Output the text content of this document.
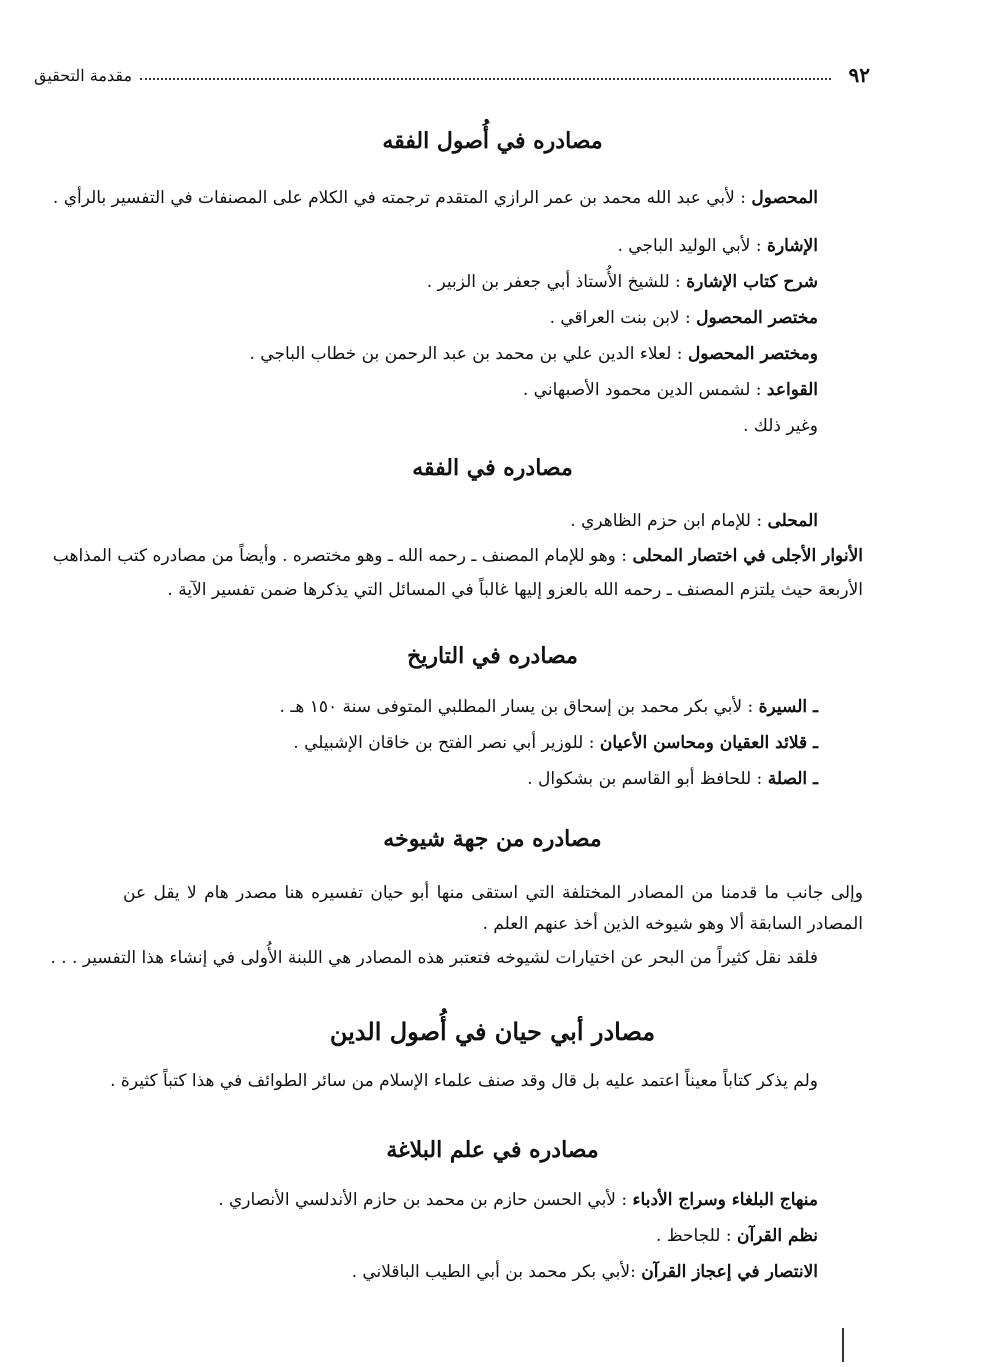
٩٢
مقدمة التحقيق
مصادره في أُصول الفقه
المحصول : لأبي عبد الله محمد بن عمر الرازي المتقدم ترجمته في الكلام على المصنفات في التفسير بالرأي .
الإشارة : لأبي الوليد الباجي .
شرح كتاب الإشارة : للشيخ الأُستاذ أبي جعفر بن الزبير .
مختصر المحصول : لابن بنت العراقي .
ومختصر المحصول : لعلاء الدين علي بن محمد بن عبد الرحمن بن خطاب الباجي .
القواعد : لشمس الدين محمود الأصبهاني .
وغير ذلك .
مصادره في الفقه
المحلى : للإمام ابن حزم الظاهري .
الأنوار الأجلى في اختصار المحلى : وهو للإمام المصنف ـ رحمه الله ـ وهو مختصره . وأيضاً من مصادره كتب المذاهب
الأربعة حيث يلتزم المصنف ـ رحمه الله بالعزو إليها غالباً في المسائل التي يذكرها ضمن تفسير الآية .
مصادره في التاريخ
ـ السيرة : لأبي بكر محمد بن إسحاق بن يسار المطلبي المتوفى سنة ١٥٠ هـ .
ـ قلائد العقيان ومحاسن الأعيان : للوزير أبي نصر الفتح بن خاقان الإشبيلي .
ـ الصلة : للحافظ أبو القاسم بن بشكوال .
مصادره من جهة شيوخه
وإلى جانب ما قدمنا من المصادر المختلفة التي استقى منها أبو حيان تفسيره هنا مصدر هام لا يقل عن المصادر السابقة ألا وهو شيوخه الذين أخذ عنهم العلم .
فلقد نقل كثيراً من البحر عن اختيارات لشيوخه فتعتبر هذه المصادر هي اللبنة الأُولى في إنشاء هذا التفسير . . .
مصادر أبي حيان في أُصول الدين
ولم يذكر كتاباً معيناً اعتمد عليه بل قال وقد صنف علماء الإسلام من سائر الطوائف في هذا كتباً كثيرة .
مصادره في علم البلاغة
منهاج البلغاء وسراج الأدباء : لأبي الحسن حازم بن محمد بن حازم الأندلسي الأنصاري .
نظم القرآن : للجاحظ .
الانتصار في إعجاز القرآن :لأبي بكر محمد بن أبي الطيب الباقلاني .
